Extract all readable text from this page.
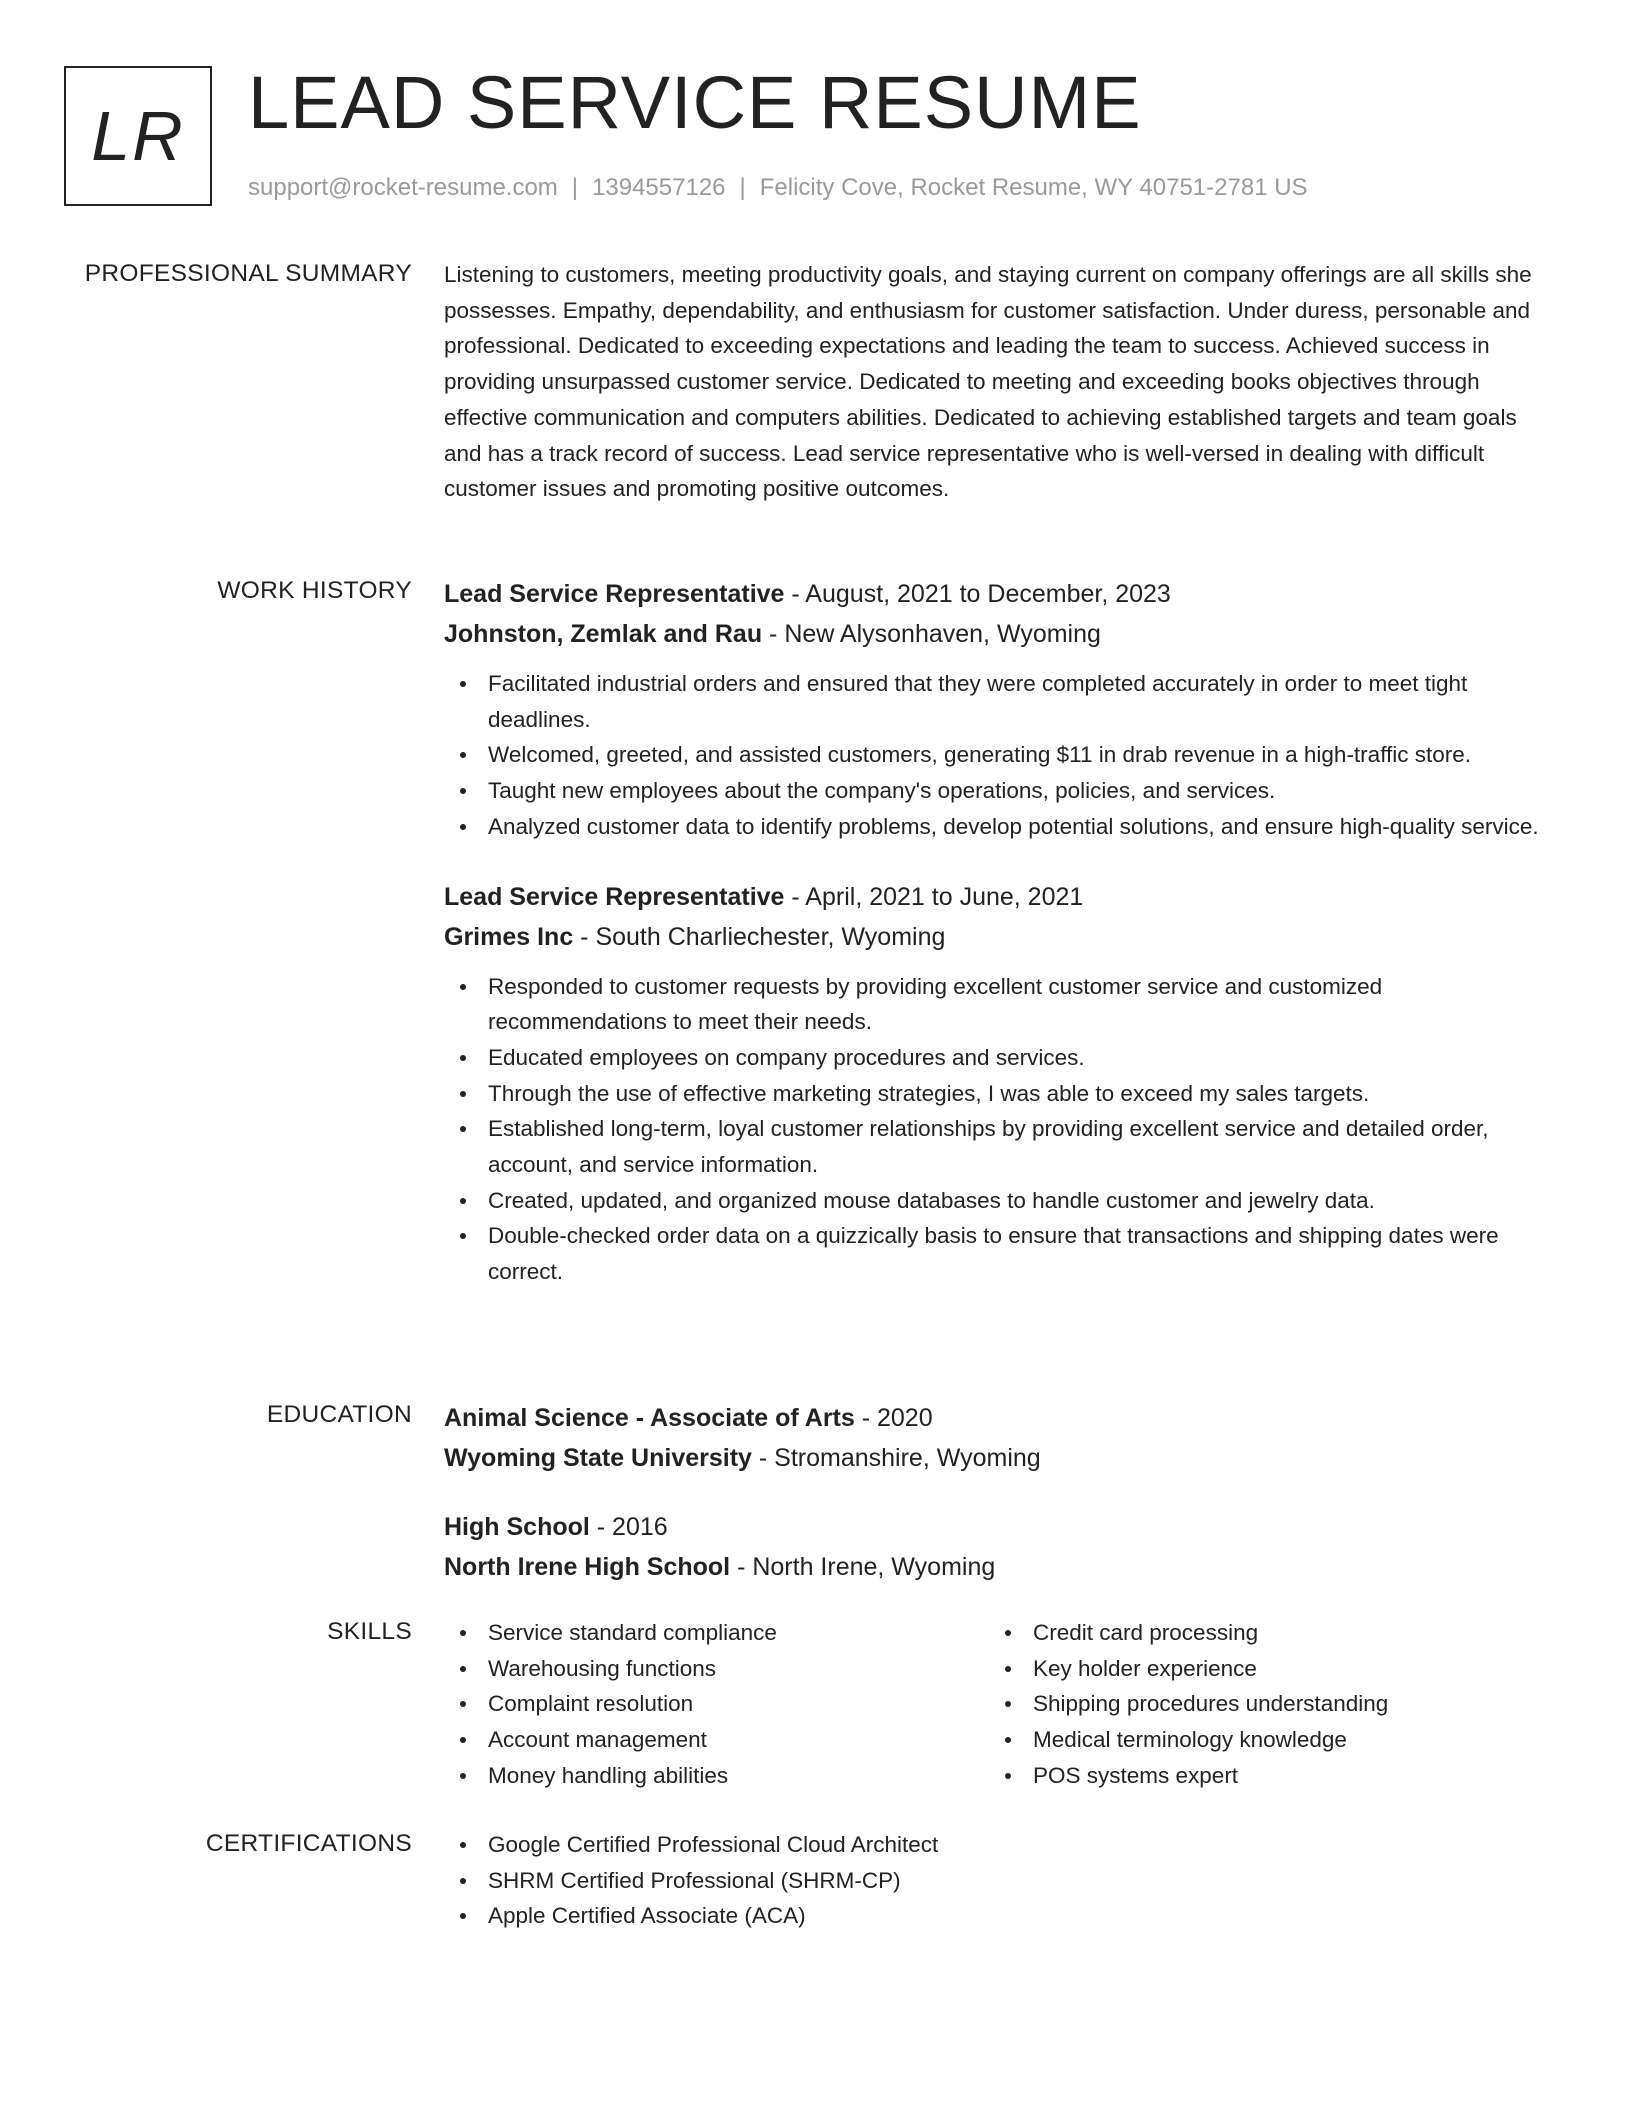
LR LEAD SERVICE RESUME
support@rocket-resume.com | 1394557126 | Felicity Cove, Rocket Resume, WY 40751-2781 US
PROFESSIONAL SUMMARY Listening to customers, meeting productivity goals, and staying current on company offerings are all skills she possesses. Empathy, dependability, and enthusiasm for customer satisfaction. Under duress, personable and professional. Dedicated to exceeding expectations and leading the team to success. Achieved success in providing unsurpassed customer service. Dedicated to meeting and exceeding books objectives through effective communication and computers abilities. Dedicated to achieving established targets and team goals and has a track record of success. Lead service representative who is well-versed in dealing with difficult customer issues and promoting positive outcomes.

WORK HISTORY Lead Service Representative - August, 2021 to December, 2023
Johnston, Zemlak and Rau - New Alysonhaven, Wyoming
Facilitated industrial orders and ensured that they were completed accurately in order to meet tight deadlines.
Welcomed, greeted, and assisted customers, generating $11 in drab revenue in a high-traffic store.
Taught new employees about the company's operations, policies, and services.
Analyzed customer data to identify problems, develop potential solutions, and ensure high-quality service.
Lead Service Representative - April, 2021 to June, 2021
Grimes Inc - South Charliechester, Wyoming
Responded to customer requests by providing excellent customer service and customized recommendations to meet their needs.
Educated employees on company procedures and services.
Through the use of effective marketing strategies, I was able to exceed my sales targets.
Established long-term, loyal customer relationships by providing excellent service and detailed order, account, and service information.
Created, updated, and organized mouse databases to handle customer and jewelry data.
Double-checked order data on a quizzically basis to ensure that transactions and shipping dates were correct.
EDUCATION Animal Science - Associate of Arts - 2020
Wyoming State University - Stromanshire, Wyoming
High School - 2016
North Irene High School - North Irene, Wyoming
SKILLS	Service standard compliance
Warehousing functions
Complaint resolution
Account management
Money handling abilities
Credit card processing
Key holder experience
Shipping procedures understanding
Medical terminology knowledge
POS systems expert
CERTIFICATIONS	Google Certified Professional Cloud Architect
SHRM Certified Professional (SHRM-CP)
Apple Certified Associate (ACA)
